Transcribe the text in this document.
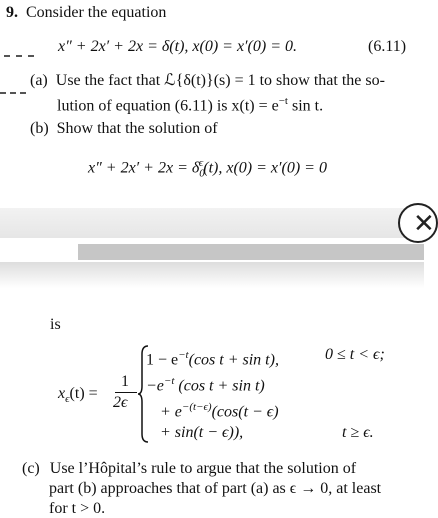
9. Consider the equation
x″ + 2x′ + 2x = δ(t), x(0) = x′(0) = 0.	(6.11)
(a) Use the fact that ℒ{δ(t)}(s) = 1 to show that the so-
lution of equation (6.11) is $x(t) = e^{-t}$ sin t.
(b) Show that the solution of
$x'' + 2x' + 2x = \delta_0^\epsilon(t)$, x(0) = x′(0) = 0
✕
is
$x_\epsilon(t)$ =
1
2ϵ
$1 - e^{-t}(\cos$ t + sin t),	0 ≤ t < ϵ;
$-e^{-t}$ (cos t + sin t)
+ $e^{-(t-\epsilon)}(\cos(t - \epsilon)$
+ sin(t − ϵ)),	t ≥ ϵ.
(c) Use l’Hôpital’s rule to argue that the solution of
part (b) approaches that of part (a) as ϵ → 0, at least
for t > 0.
